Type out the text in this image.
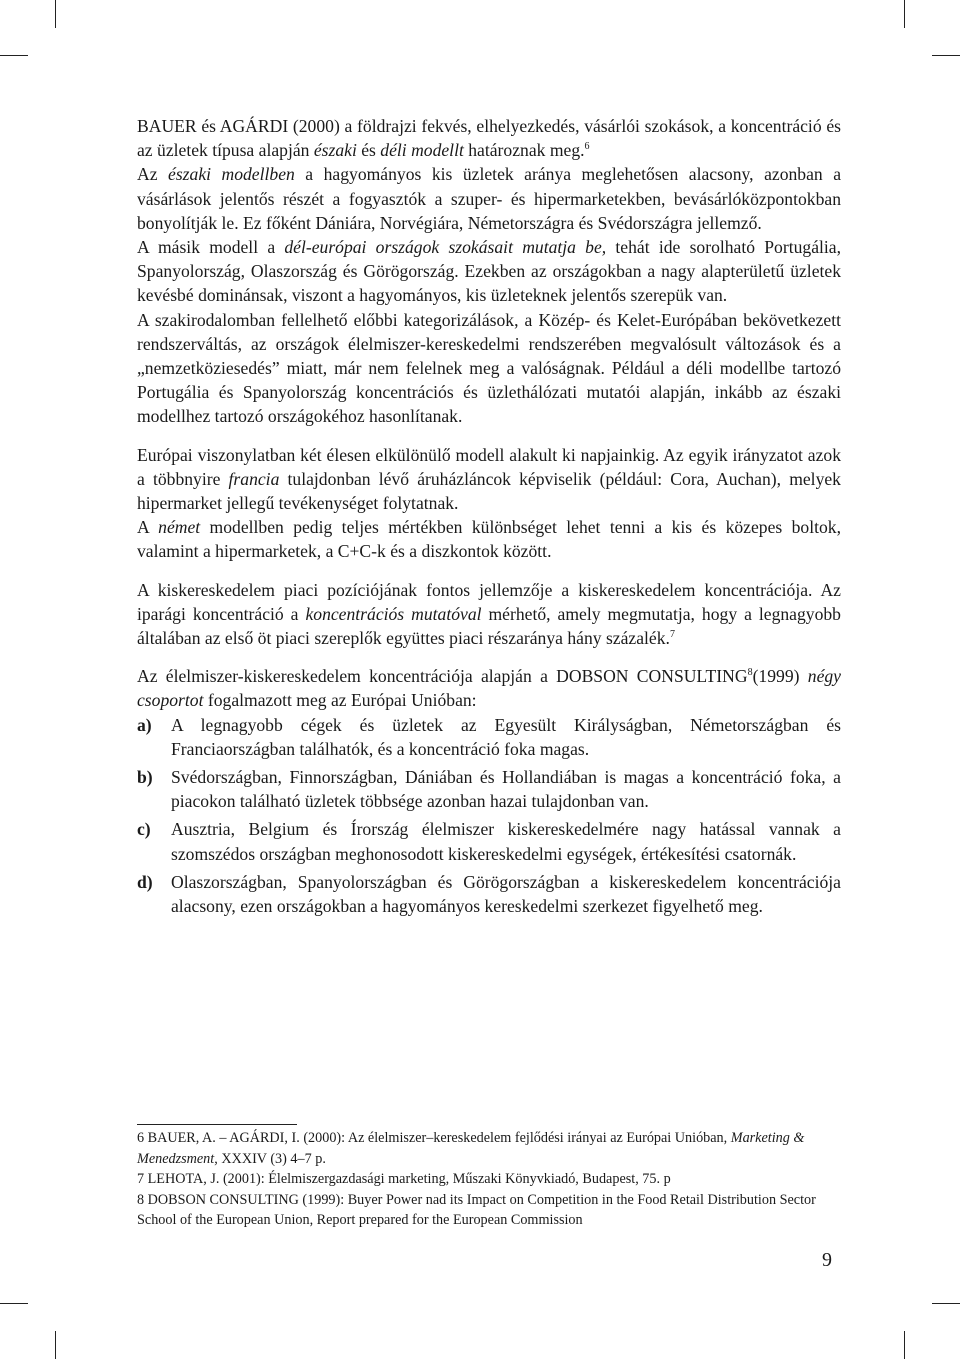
BAUER és AGÁRDI (2000) a földrajzi fekvés, elhelyezkedés, vásárlói szokások, a koncentráció és az üzletek típusa alapján északi és déli modellt határoznak meg.$^6$
Az északi modellben a hagyományos kis üzletek aránya meglehetősen alacsony, azonban a vásárlások jelentős részét a fogyasztók a szuper- és hipermarketekben, bevásárlóközpontokban bonyolítják le. Ez főként Dániára, Norvégiára, Németországra és Svédországra jellemző.

A másik modell a dél-európai országok szokásait mutatja be, tehát ide sorolható Portugália, Spanyolország, Olaszország és Görögország. Ezekben az országokban a nagy alapterületű üzletek kevésbé dominánsak, viszont a hagyományos, kis üzleteknek jelentős szerepük van.

A szakirodalomban fellelhető előbbi kategorizálások, a Közép- és Kelet-Európában bekövetkezett rendszerváltás, az országok élelmiszer-kereskedelmi rendszerében megvalósult változások és a „nemzetköziesedés” miatt, már nem felelnek meg a valóságnak. Például a déli modellbe tartozó Portugália és Spanyolország koncentrációs és üzlethálózati mutatói alapján, inkább az északi modellhez tartozó országokéhoz hasonlítanak.

Európai viszonylatban két élesen elkülönülő modell alakult ki napjainkig. Az egyik irányzatot azok a többnyire francia tulajdonban lévő áruházláncok képviselik (például: Cora, Auchan), melyek hipermarket jellegű tevékenységet folytatnak.
A német modellben pedig teljes mértékben különbséget lehet tenni a kis és közepes boltok, valamint a hipermarketek, a C+C-k és a diszkontok között.

A kiskereskedelem piaci pozíciójának fontos jellemzője a kiskereskedelem koncentrációja. Az iparági koncentráció a koncentrációs mutatóval mérhető, amely megmutatja, hogy a legnagyobb általában az első öt piaci szereplők együttes piaci részaránya hány százalék.$^7$

Az élelmiszer-kiskereskedelem koncentrációja alapján a DOBSON CONSULTING$^8$(1999) négy csoportot fogalmazott meg az Európai Unióban:

a) A legnagyobb cégek és üzletek az Egyesült Királyságban, Németországban és Franciaországban találhatók, és a koncentráció foka magas.
b) Svédországban, Finnországban, Dániában és Hollandiában is magas a koncentráció foka, a piacokon található üzletek többsége azonban hazai tulajdonban van.
c) Ausztria, Belgium és Írország élelmiszer kiskereskedelmére nagy hatással vannak a szomszédos országban meghonosodott kiskereskedelmi egységek, értékesítési csatornák.
d) Olaszországban, Spanyolországban és Görögországban a kiskereskedelem koncentrációja alacsony, ezen országokban a hagyományos kereskedelmi szerkezet figyelhető meg.

6 BAUER, A. – AGÁRDI, I. (2000): Az élelmiszer–kereskedelem fejlődési irányai az Európai Unióban, Marketing & Menedzsment, XXXIV (3) 4–7 p.

7 LEHOTA, J. (2001): Élelmiszergazdasági marketing, Műszaki Könyvkiadó, Budapest, 75. p

8 DOBSON CONSULTING (1999): Buyer Power nad its Impact on Competition in the Food Retail Distribution Sector School of the European Union, Report prepared for the European Commission

9
